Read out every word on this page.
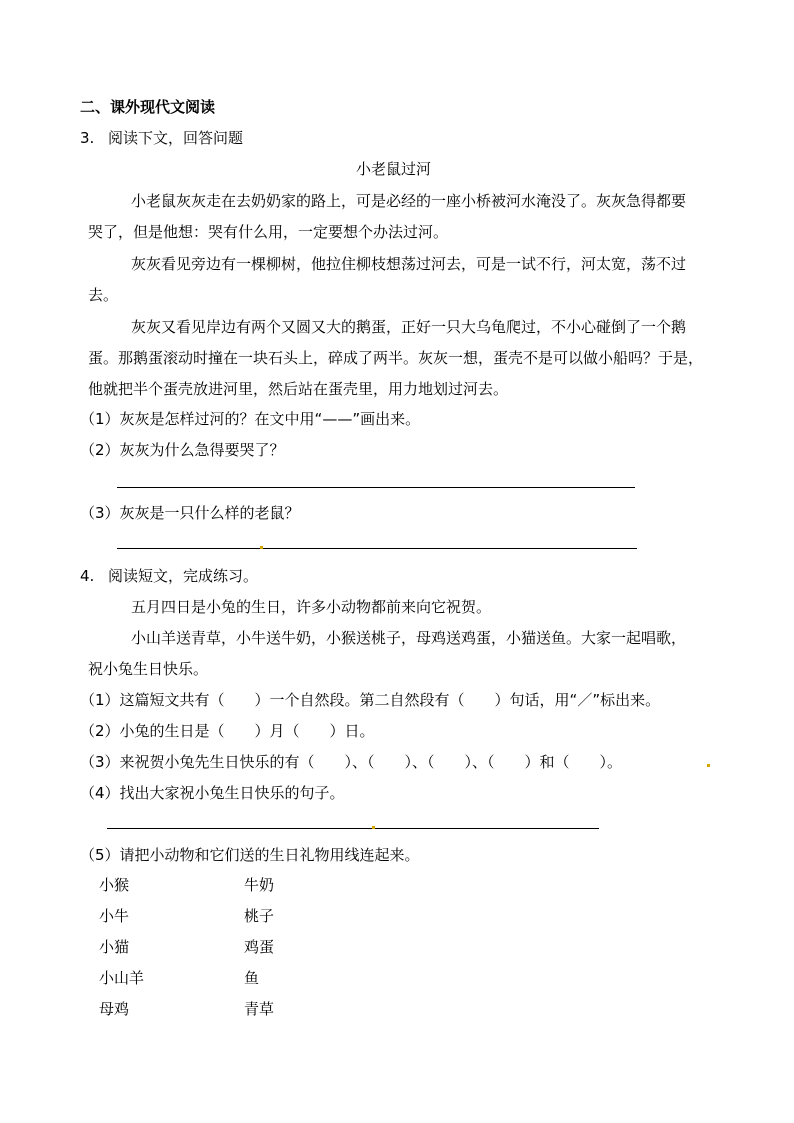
二、课外现代文阅读
3. 阅读下文，回答问题
小老鼠过河
小老鼠灰灰走在去奶奶家的路上，可是必经的一座小桥被河水淹没了。灰灰急得都要
哭了，但是他想：哭有什么用，一定要想个办法过河。
灰灰看见旁边有一棵柳树，他拉住柳枝想荡过河去，可是一试不行，河太宽，荡不过
去。
灰灰又看见岸边有两个又圆又大的鹅蛋，正好一只大乌龟爬过，不小心碰倒了一个鹅
蛋。那鹅蛋滚动时撞在一块石头上，碎成了两半。灰灰一想，蛋壳不是可以做小船吗？于是，
他就把半个蛋壳放进河里，然后站在蛋壳里，用力地划过河去。
（1）灰灰是怎样过河的？在文中用“——”画出来。
（2）灰灰为什么急得要哭了？
（3）灰灰是一只什么样的老鼠？
4. 阅读短文，完成练习。
五月四日是小兔的生日，许多小动物都前来向它祝贺。
小山羊送青草，小牛送牛奶，小猴送桃子，母鸡送鸡蛋，小猫送鱼。大家一起唱歌，
祝小兔生日快乐。
（1）这篇短文共有（　　）一个自然段。第二自然段有（　　）句话，用“／”标出来。
（2）小兔的生日是（　　）月（　　）日。
（3）来祝贺小兔先生日快乐的有（　　）、（　　）、（　　）、（　　）和（　　）。
（4）找出大家祝小兔生日快乐的句子。
（5）请把小动物和它们送的生日礼物用线连起来。
小猴
小牛
小猫
小山羊
母鸡
牛奶
桃子
鸡蛋
鱼
青草
